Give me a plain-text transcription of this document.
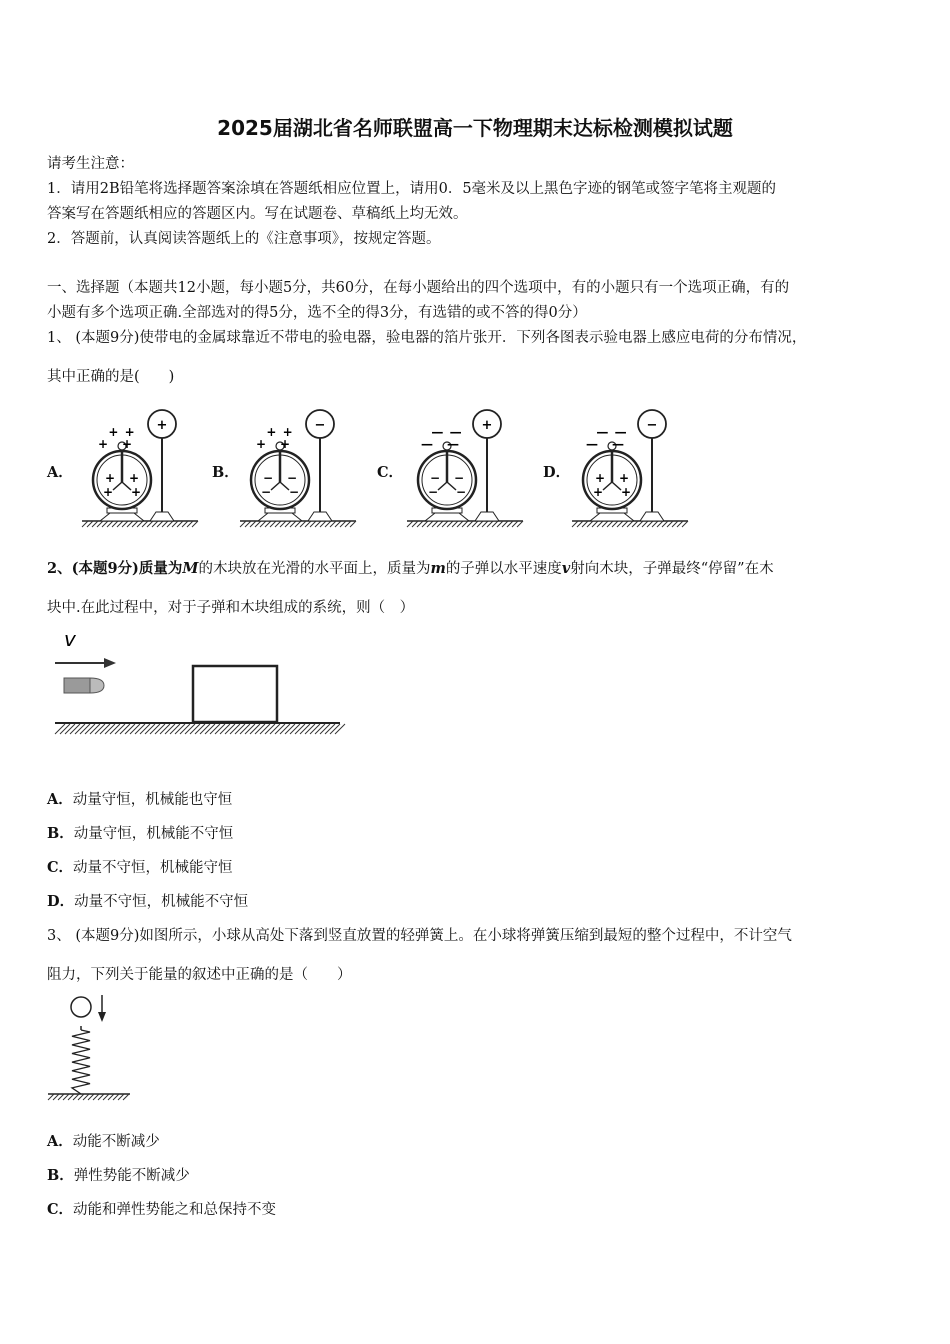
2025届湖北省名师联盟高一下物理期末达标检测模拟试题
请考生注意：
1．请用2B铅笔将选择题答案涂填在答题纸相应位置上，请用0．5毫米及以上黑色字迹的钢笔或签字笔将主观题的
答案写在答题纸相应的答题区内。写在试题卷、草稿纸上均无效。
2．答题前，认真阅读答题纸上的《注意事项》，按规定答题。
一、选择题（本题共12小题，每小题5分，共60分，在每小题给出的四个选项中，有的小题只有一个选项正确，有的
小题有多个选项正确.全部选对的得5分，选不全的得3分，有选错的或不答的得0分）
1、 (本题9分)使带电的金属球靠近不带电的验电器，验电器的箔片张开．下列各图表示验电器上感应电荷的分布情况，
其中正确的是(　　)
A．	B．	C．	D．
+ +
++
+ +
+ +
+	+ +
++
− −
− −
−	— —
——
− −
− −
+	— —
——
+ +
+ +
−
2、(本题9分)质量为M的木块放在光滑的水平面上，质量为m的子弹以水平速度v射向木块，子弹最终“停留”在木
块中.在此过程中，对于子弹和木块组成的系统，则（　）
v
A．动量守恒，机械能也守恒
B．动量守恒，机械能不守恒
C．动量不守恒，机械能守恒
D．动量不守恒，机械能不守恒
3、 (本题9分)如图所示，小球从高处下落到竖直放置的轻弹簧上。在小球将弹簧压缩到最短的整个过程中，不计空气
阻力，下列关于能量的叙述中正确的是（　　）
A．动能不断减少
B．弹性势能不断减少
C．动能和弹性势能之和总保持不变
